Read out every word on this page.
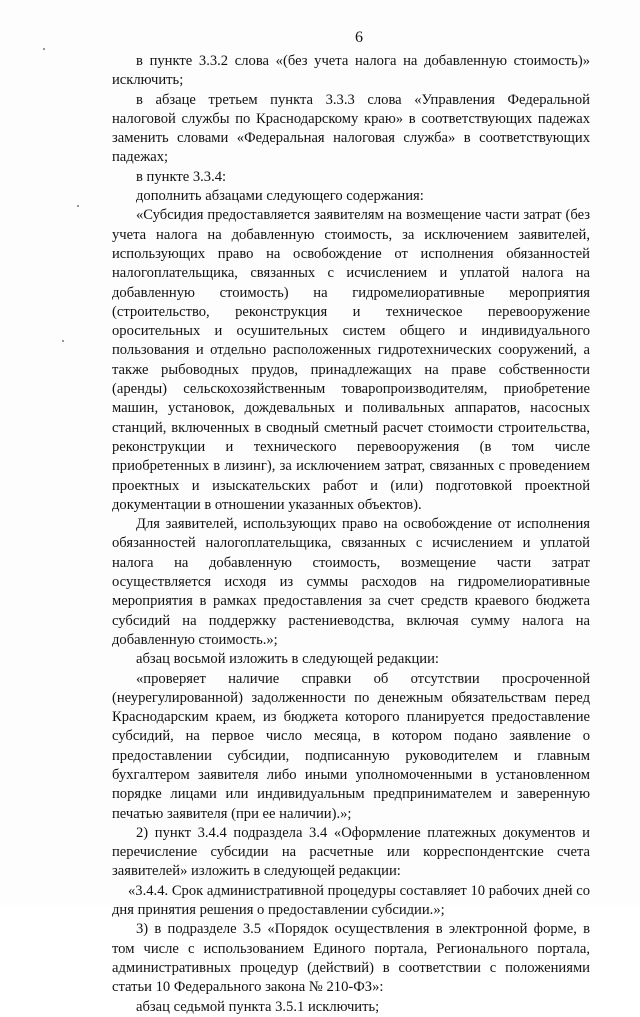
6

в пункте 3.3.2 слова «(без учета налога на добавленную стоимость)» исключить;

в абзаце третьем пункта 3.3.3 слова «Управления Федеральной налоговой службы по Краснодарскому краю» в соответствующих падежах заменить словами «Федеральная налоговая служба» в соответствующих падежах;

в пункте 3.3.4:

дополнить абзацами следующего содержания:

«Субсидия предоставляется заявителям на возмещение части затрат (без учета налога на добавленную стоимость, за исключением заявителей, использующих право на освобождение от исполнения обязанностей налогоплательщика, связанных с исчислением и уплатой налога на добавленную стоимость) на гидромелиоративные мероприятия (строительство, реконструкция и техническое перевооружение оросительных и осушительных систем общего и индивидуального пользования и отдельно расположенных гидротехнических сооружений, а также рыбоводных прудов, принадлежащих на праве собственности (аренды) сельскохозяйственным товаропроизводителям, приобретение машин, установок, дождевальных и поливальных аппаратов, насосных станций, включенных в сводный сметный расчет стоимости строительства, реконструкции и технического перевооружения (в том числе приобретенных в лизинг), за исключением затрат, связанных с проведением проектных и изыскательских работ и (или) подготовкой проектной документации в отношении указанных объектов).

Для заявителей, использующих право на освобождение от исполнения обязанностей налогоплательщика, связанных с исчислением и уплатой налога на добавленную стоимость, возмещение части затрат осуществляется исходя из суммы расходов на гидромелиоративные мероприятия в рамках предоставления за счет средств краевого бюджета субсидий на поддержку растениеводства, включая сумму налога на добавленную стоимость.»;

абзац восьмой изложить в следующей редакции:

«проверяет наличие справки об отсутствии просроченной (неурегулированной) задолженности по денежным обязательствам перед Краснодарским краем, из бюджета которого планируется предоставление субсидий, на первое число месяца, в котором подано заявление о предоставлении субсидии, подписанную руководителем и главным бухгалтером заявителя либо иными уполномоченными в установленном порядке лицами или индивидуальным предпринимателем и заверенную печатью заявителя (при ее наличии).»;

2) пункт 3.4.4 подраздела 3.4 «Оформление платежных документов и перечисление субсидии на расчетные или корреспондентские счета заявителей» изложить в следующей редакции:

«3.4.4. Срок административной процедуры составляет 10 рабочих дней со дня принятия решения о предоставлении субсидии.»;

3) в подразделе 3.5 «Порядок осуществления в электронной форме, в том числе с использованием Единого портала, Регионального портала, административных процедур (действий) в соответствии с положениями статьи 10 Федерального закона № 210-ФЗ»:

абзац седьмой пункта 3.5.1 исключить;
